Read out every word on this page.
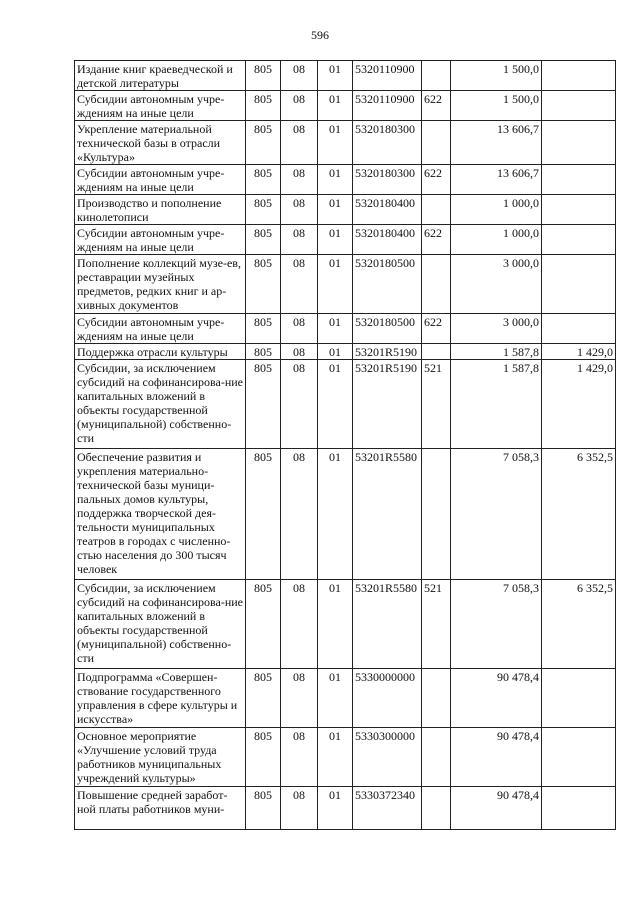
596
Издание книг краеведческой и детской литературы	805	08	01	5320110900		1 500,0	
Субсидии автономным учре-ждениям на иные цели	805	08	01	5320110900	622	1 500,0	
Укрепление материальной технической базы в отрасли «Культура»	805	08	01	5320180300		13 606,7	
Субсидии автономным учре-ждениям на иные цели	805	08	01	5320180300	622	13 606,7	
Производство и пополнение кинолетописи	805	08	01	5320180400		1 000,0	
Субсидии автономным учре-ждениям на иные цели	805	08	01	5320180400	622	1 000,0	
Пополнение коллекций музе-ев, реставрации музейных предметов, редких книг и ар-хивных документов	805	08	01	5320180500		3 000,0	
Субсидии автономным учре-ждениям на иные цели	805	08	01	5320180500	622	3 000,0	
Поддержка отрасли культуры	805	08	01	53201R5190		1 587,8	1 429,0
Субсидии, за исключением субсидий на софинансирова-ние капитальных вложений в объекты государственной (муниципальной) собственно-сти	805	08	01	53201R5190	521	1 587,8	1 429,0
Обеспечение развития и укрепления материально-технической базы муници-пальных домов культуры, поддержка творческой дея-тельности муниципальных театров в городах с численно-стью населения до 300 тысяч человек	805	08	01	53201R5580		7 058,3	6 352,5
Субсидии, за исключением субсидий на софинансирова-ние капитальных вложений в объекты государственной (муниципальной) собственно-сти	805	08	01	53201R5580	521	7 058,3	6 352,5
Подпрограмма «Совершен-ствование государственного управления в сфере культуры и искусства»	805	08	01	5330000000		90 478,4	
Основное мероприятие «Улучшение условий труда работников муниципальных учреждений культуры»	805	08	01	5330300000		90 478,4	
Повышение средней заработ-ной платы работников муни-	805	08	01	5330372340		90 478,4	
